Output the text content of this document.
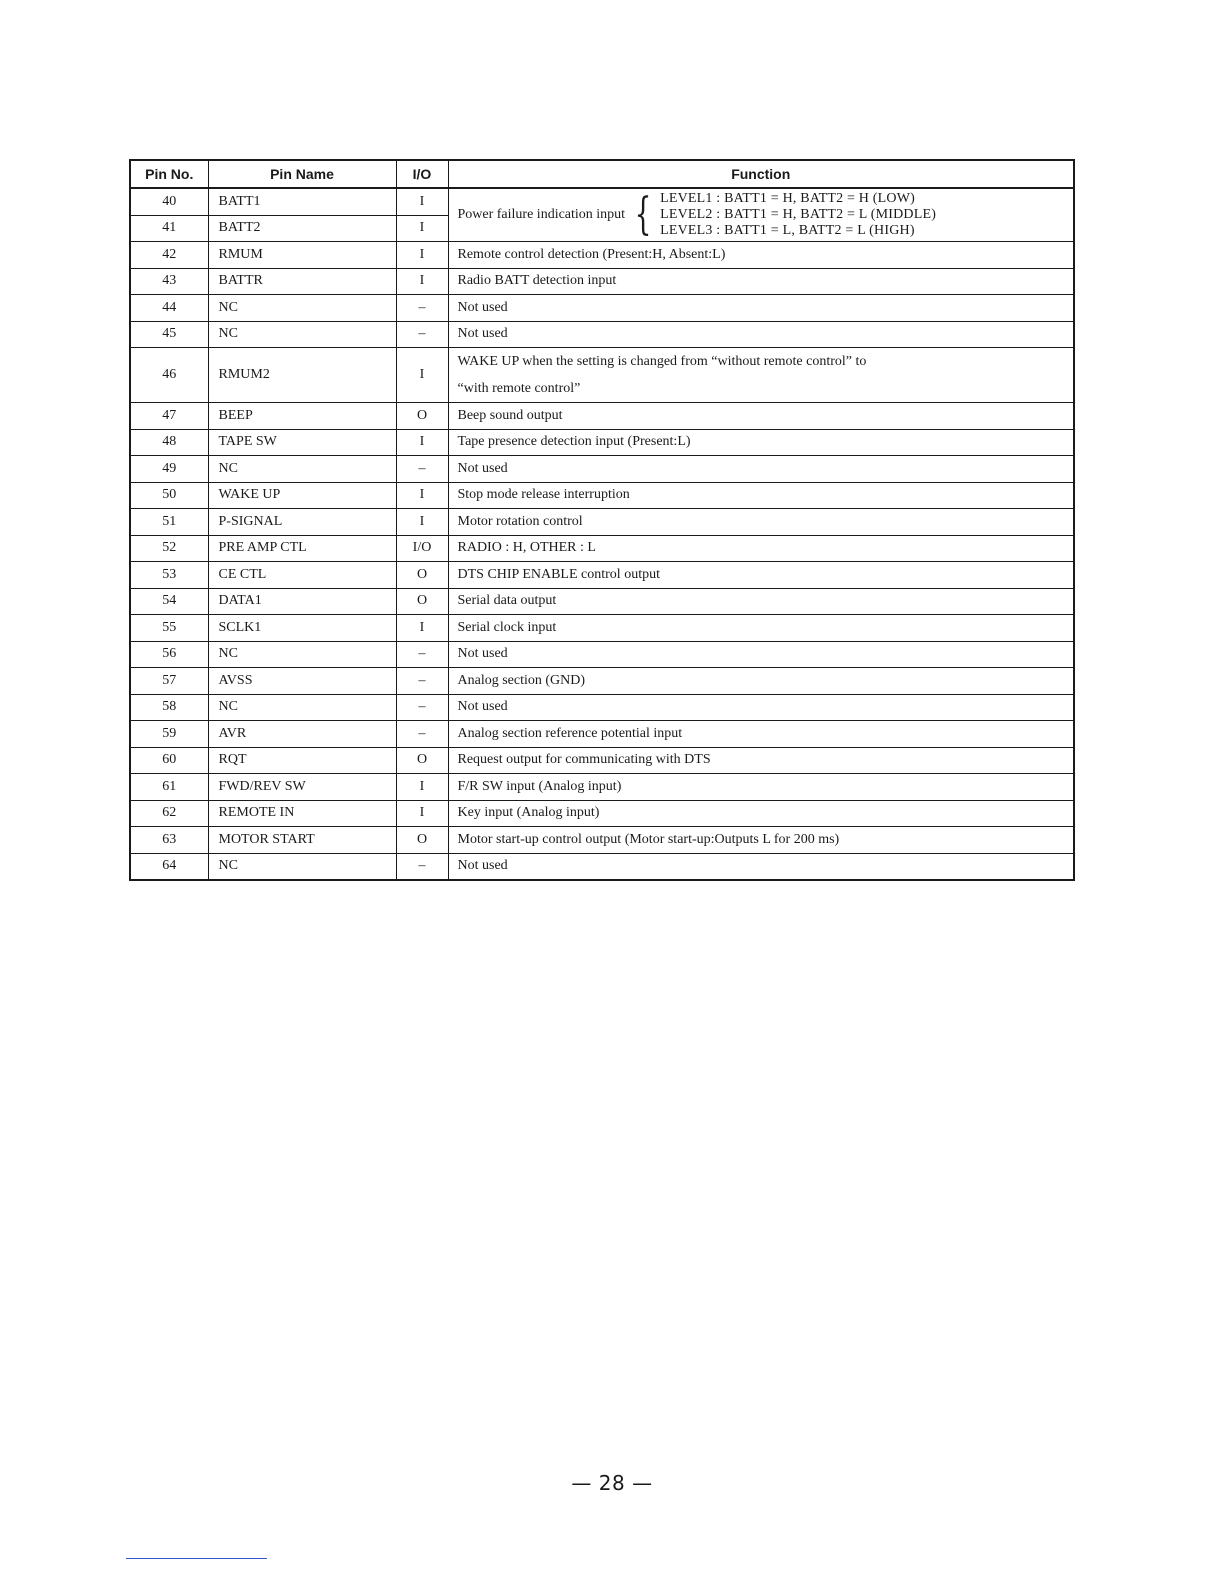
Pin No.	Pin Name	I/O	Function
40	BATT1	I	Power failure indication input { LEVEL1 : BATT1 = H, BATT2 = H (LOW)
LEVEL2 : BATT1 = H, BATT2 = L (MIDDLE)
LEVEL3 : BATT1 = L, BATT2 = L (HIGH)

41	BATT2	I	
42	RMUM	I	Remote control detection (Present:H, Absent:L)
43	BATTR	I	Radio BATT detection input
44	NC	–	Not used
45	NC	–	Not used
46	RMUM2	I	WAKE UP when the setting is changed from “without remote control” to
“with remote control”

47	BEEP	O	Beep sound output
48	TAPE SW	I	Tape presence detection input (Present:L)
49	NC	–	Not used
50	WAKE UP	I	Stop mode release interruption
51	P-SIGNAL	I	Motor rotation control
52	PRE AMP CTL	I/O	RADIO : H, OTHER : L
53	CE CTL	O	DTS CHIP ENABLE control output
54	DATA1	O	Serial data output
55	SCLK1	I	Serial clock input
56	NC	–	Not used
57	AVSS	–	Analog section (GND)
58	NC	–	Not used
59	AVR	–	Analog section reference potential input
60	RQT	O	Request output for communicating with DTS
61	FWD/REV SW	I	F/R SW input (Analog input)
62	REMOTE IN	I	Key input (Analog input)
63	MOTOR START	O	Motor start-up control output (Motor start-up:Outputs L for 200 ms)
64	NC	–	Not used
— 28 —
